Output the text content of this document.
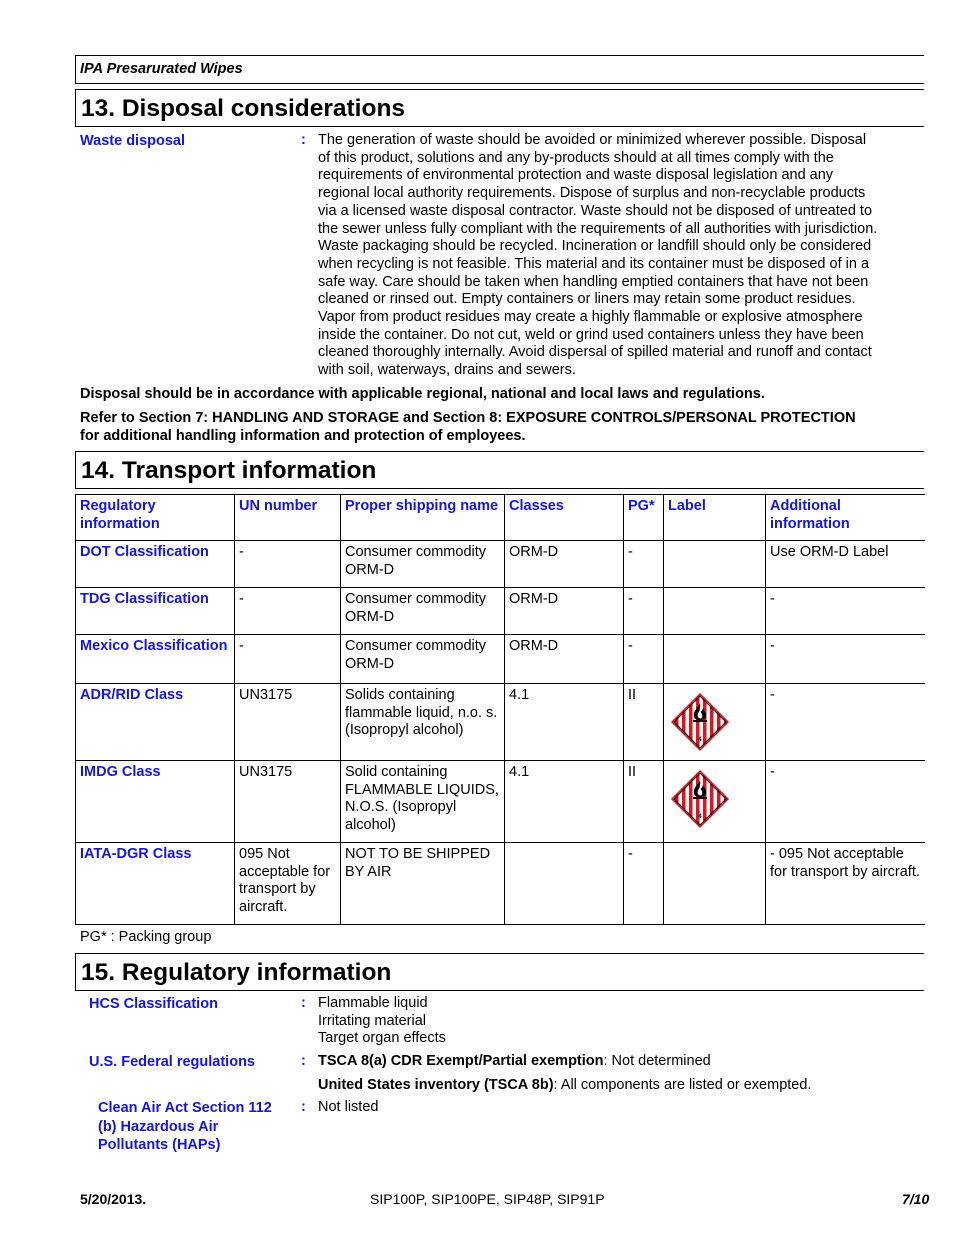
IPA Presarurated Wipes
13. Disposal considerations
Waste disposal	: The generation of waste should be avoided or minimized wherever possible. Disposal
of this product, solutions and any by-products should at all times comply with the
requirements of environmental protection and waste disposal legislation and any
regional local authority requirements. Dispose of surplus and non-recyclable products
via a licensed waste disposal contractor. Waste should not be disposed of untreated to
the sewer unless fully compliant with the requirements of all authorities with jurisdiction.
Waste packaging should be recycled. Incineration or landfill should only be considered
when recycling is not feasible. This material and its container must be disposed of in a
safe way. Care should be taken when handling emptied containers that have not been
cleaned or rinsed out. Empty containers or liners may retain some product residues.
Vapor from product residues may create a highly flammable or explosive atmosphere
inside the container. Do not cut, weld or grind used containers unless they have been
cleaned thoroughly internally. Avoid dispersal of spilled material and runoff and contact
with soil, waterways, drains and sewers.
Disposal should be in accordance with applicable regional, national and local laws and regulations.
Refer to Section 7: HANDLING AND STORAGE and Section 8: EXPOSURE CONTROLS/PERSONAL PROTECTION
for additional handling information and protection of employees.
14. Transport information
Regulatory information	UN number	Proper shipping name	Classes	PG*	Label	Additional information
DOT Classification	-	Consumer commodity ORM-D	ORM-D	-		Use ORM-D Label
TDG Classification	-	Consumer commodity ORM-D	ORM-D	-		-
Mexico Classification	-	Consumer commodity ORM-D	ORM-D	-		-
ADR/RID Class	UN3175	Solids containing flammable liquid, n.o. s. (Isopropyl alcohol)	4.1	II	4	-
IMDG Class	UN3175	Solid containing FLAMMABLE LIQUIDS, N.O.S. (Isopropyl alcohol)	4.1	II	4	-
IATA-DGR Class	095 Not acceptable for transport by aircraft.	NOT TO BE SHIPPED BY AIR		-		- 095 Not acceptable for transport by aircraft.
PG* : Packing group
15. Regulatory information
HCS Classification	: Flammable liquid
Irritating material
Target organ effects
U.S. Federal regulations	: TSCA 8(a) CDR Exempt/Partial exemption: Not determined
United States inventory (TSCA 8b): All components are listed or exempted.
Clean Air Act Section 112
(b) Hazardous Air
Pollutants (HAPs)
: Not listed
5/20/2013.	SIP100P, SIP100PE, SIP48P, SIP91P	7/10
